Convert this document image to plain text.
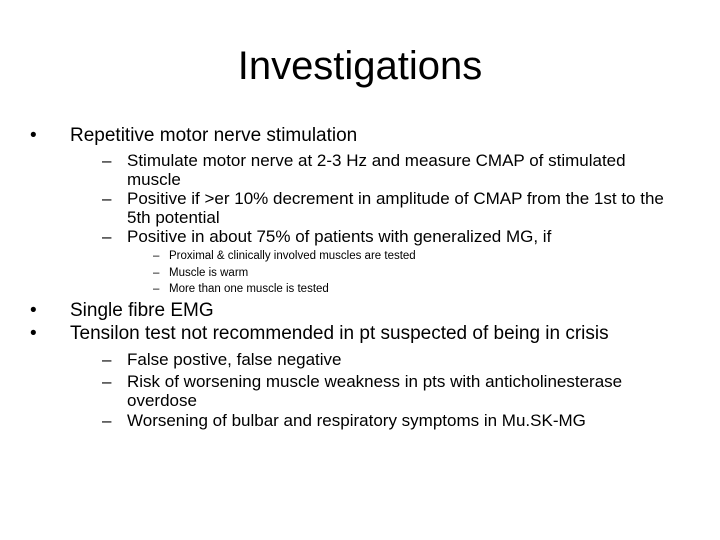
Investigations
•	Repetitive motor nerve stimulation
– Stimulate motor nerve at 2-3 Hz and measure CMAP of stimulated muscle
– Positive if >er 10% decrement in amplitude of CMAP from the 1st to the 5th potential
– Positive in about 75% of patients with generalized MG, if
– Proximal & clinically involved muscles are tested
– Muscle is warm
– More than one muscle is tested
•	Single fibre EMG
•	Tensilon test not recommended in pt suspected of being in crisis
– False postive, false negative
– Risk of worsening muscle weakness in pts with anticholinesterase overdose
– Worsening of bulbar and respiratory symptoms in Mu.SK-MG
